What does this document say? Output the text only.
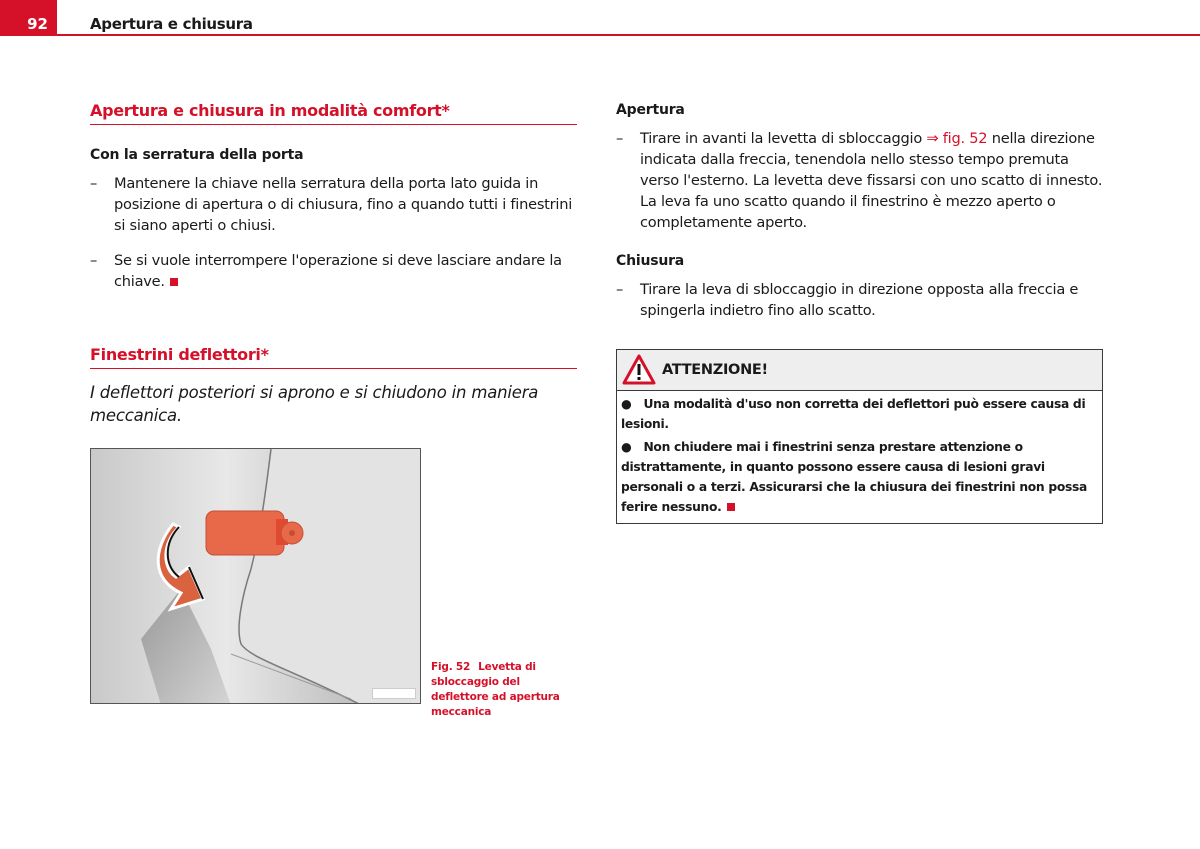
92	Apertura e chiusura
Apertura e chiusura in modalità comfort*
Con la serratura della porta
– Mantenere la chiave nella serratura della porta lato guida in posizione di apertura o di chiusura, fino a quando tutti i finestrini si siano aperti o chiusi.
– Se si vuole interrompere l'operazione si deve lasciare andare la chiave.
Finestrini deflettori*
I deflettori posteriori si aprono e si chiudono in maniera meccanica.
Fig. 52 Levetta di sbloccaggio del deflettore ad apertura meccanica
Apertura
– Tirare in avanti la levetta di sbloccaggio ⇒ fig. 52 nella direzione indicata dalla freccia, tenendola nello stesso tempo premuta verso l'esterno. La levetta deve fissarsi con uno scatto di innesto. La leva fa uno scatto quando il finestrino è mezzo aperto o completamente aperto.
Chiusura
– Tirare la leva di sbloccaggio in direzione opposta alla freccia e spingerla indietro fino allo scatto.
ATTENZIONE!
● Una modalità d'uso non corretta dei deflettori può essere causa di lesioni.
● Non chiudere mai i finestrini senza prestare attenzione o distrattamente, in quanto possono essere causa di lesioni gravi personali o a terzi. Assicurarsi che la chiusura dei finestrini non possa ferire nessuno.
